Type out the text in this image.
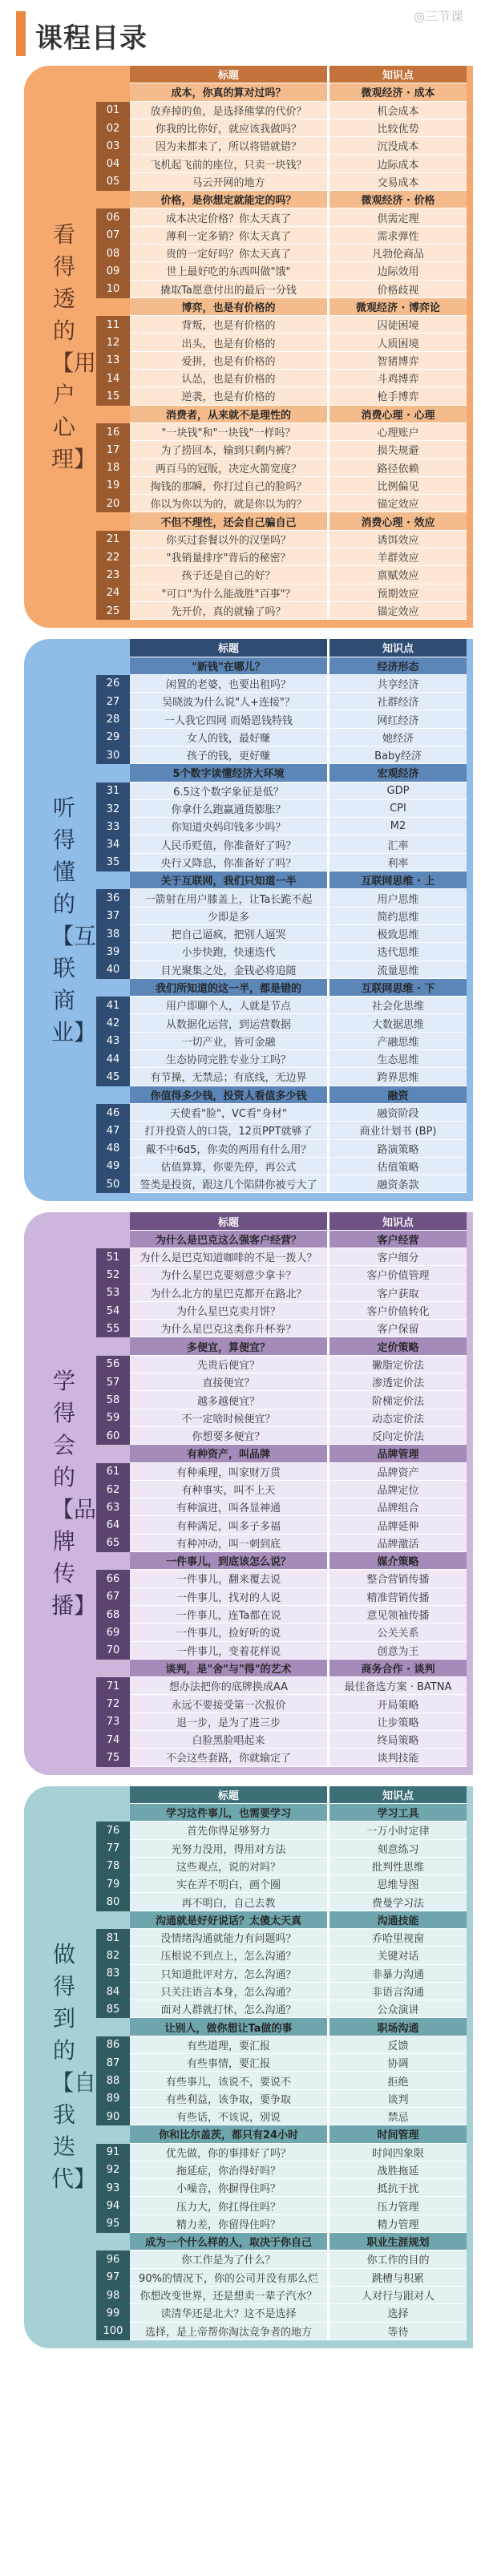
课程目录
◎三节课
看得透的【用户心理】
标题	知识点
成本，你真的算对过吗？	微观经济 · 成本
01	放弃掉的鱼，是选择熊掌的代价？	机会成本
02	你我的比你好，就应该我做吗？	比较优势
03	因为来都来了，所以将错就错？	沉没成本
04	飞机起飞前的座位，只卖一块钱？	边际成本
05	马云开网的地方	交易成本
价格，是你想定就能定的吗？	微观经济 · 价格
06	成本决定价格？你太天真了	供需定理
07	薄利一定多销？你太天真了	需求弹性
08	贵的一定好吗？你太天真了	凡勃伦商品
09	世上最好吃的东西叫做"饿"	边际效用
10	撬取Ta愿意付出的最后一分钱	价格歧视
博弈，也是有价格的	微观经济 · 博弈论
11	背叛，也是有价格的	囚徒困境
12	出头，也是有价格的	人质困境
13	爱拼，也是有价格的	智猪博弈
14	认怂，也是有价格的	斗鸡博弈
15	逆袭，也是有价格的	枪手博弈
消费者，从来就不是理性的	消费心理 · 心理
16	"一块钱"和"一块钱"一样吗？	心理账户
17	为了捞回本，输到只剩内裤？	损失规避
18	两百马的冠版，决定火箭宽度？	路径依赖
19	掏钱的那瞬，你打过自己的脸吗？	比例偏见
20	你以为你以为的，就是你以为的？	锚定效应
不但不理性，还会自己骗自己	消费心理 · 效应
21	你买过套餐以外的汉堡吗？	诱饵效应
22	"我销量排序"背后的秘密？	羊群效应
23	孩子还是自己的好？	禀赋效应
24	"可口"为什么能战胜"百事"？	预期效应
25	先开价，真的就输了吗？	锚定效应
听得懂的【互联商业】
标题	知识点
"新钱"在哪儿？	经济形态
26	闲置的老婆，也要出租吗？	共享经济
27	吴晓波为什么说"人+连接"？	社群经济
28	一人我它四网 而婚恩钱特钱	网红经济
29	女人的钱，最好赚	她经济
30	孩子的钱，更好赚	Baby经济
5个数字读懂经济大环境	宏观经济
31	6.5这个数字象征是低？	GDP
32	你拿什么跑赢通货膨胀？	CPI
33	你知道央妈印钱多少吗？	M2
34	人民币贬值，你准备好了吗？	汇率
35	央行又降息，你准备好了吗？	利率
关于互联网，我们只知道一半	互联网思维 · 上
36	一箭射在用户膝盖上，让Ta长跪不起	用户思维
37	少即是多	简约思维
38	把自己逼疯，把别人逼哭	极致思维
39	小步快跑，快速迭代	迭代思维
40	目光聚集之处，金钱必将追随	流量思维
我们所知道的这一半，都是错的	互联网思维 · 下
41	用户即聊个人，人就是节点	社会化思维
42	从数据化运营，到运营数据	大数据思维
43	一切产业，皆可金融	产融思维
44	生态协同完胜专业分工吗？	生态思维
45	有节操，无禁忌；有底线，无边界	跨界思维
你值得多少钱，投资人看值多少钱	融资
46	天使看"脸"，VC看"身材"	融资阶段
47	打开投资人的口袋，12页PPT就够了	商业计划书 (BP)
48	戴不中6d5，你卖的两用有什么用？	路演策略
49	估值算算，你要先停，再公式	估值策略
50	签类是投资，跟这几个陷阱你被亏大了	融资条款
学得会的【品牌传播】
标题	知识点
为什么是巴克这么强客户经营？	客户经营
51	为什么是巴克知道咖啡的不是一拨人？	客户细分
52	为什么星巴克要刻意少拿卡？	客户价值管理
53	为什么北方的星巴克都开在路北？	客户获取
54	为什么星巴克卖月饼？	客户价值转化
55	为什么星巴克这类你升杯券？	客户保留
多便宜，算便宜？	定价策略
56	先贵后便宜？	撇脂定价法
57	直接便宜？	渗透定价法
58	越多越便宜？	阶梯定价法
59	不一定啥时候便宜？	动态定价法
60	你想要多便宜？	反向定价法
有种资产，叫品牌	品牌管理
61	有种乘理，叫家财万贯	品牌资产
62	有种事实，叫不上天	品牌定位
63	有种演进，叫各显神通	品牌组合
64	有种满足，叫多子多福	品牌延伸
65	有种冲动，叫一刺到底	品牌激活
一件事儿，到底该怎么说？	媒介策略
66	一件事儿，翻来覆去说	整合营销传播
67	一件事儿，找对的人说	精准营销传播
68	一件事儿，连Ta都在说	意见领袖传播
69	一件事儿，捡好听的说	公关关系
70	一件事儿，变着花样说	创意为王
谈判，是"舍"与"得"的艺术	商务合作 · 谈判
71	想办法把你的底牌换成AA	最佳备选方案 · BATNA
72	永远不要接受第一次报价	开局策略
73	退一步，是为了进三步	让步策略
74	白脸黑脸唱起来	终局策略
75	不会这些套路，你就输定了	谈判技能
做得到的【自我迭代】
标题	知识点
学习这件事儿，也需要学习	学习工具
76	首先你得足够努力	一万小时定律
77	光努力没用，得用对方法	刻意练习
78	这些观点，说的对吗？	批判性思维
79	实在弄不明白，画个圈	思维导图
80	再不明白，自己去教	费曼学习法
沟通就是好好说话？太傻太天真	沟通技能
81	没情绪沟通就能力有问题吗？	乔哈里视窗
82	压根说不到点上，怎么沟通？	关键对话
83	只知道批评对方，怎么沟通？	非暴力沟通
84	只关注语言本身，怎么沟通？	非语言沟通
85	面对人群就打怵，怎么沟通？	公众演讲
让别人，做你想让Ta做的事	职场沟通
86	有些道理，要汇报	反馈
87	有些事情，要汇报	协调
88	有些事儿，该说不，要说不	拒绝
89	有些利益，该争取，要争取	谈判
90	有些话，不该说，别说	禁忌
你和比尔盖茨，都只有24小时	时间管理
91	优先做，你的事排好了吗？	时间四象限
92	拖延症，你治得好吗？	战胜拖延
93	小噪音，你摒得住吗？	抵抗干扰
94	压力大，你扛得住吗？	压力管理
95	精力差，你留得住吗？	精力管理
成为一个什么样的人，取决于你自己	职业生涯规划
96	你工作是为了什么？	你工作的目的
97	90%的情况下，你的公司并没有那么烂	跳槽与积累
98	你想改变世界，还是想卖一辈子汽水？	人对行与跟对人
99	读清华还是北大？这不是选择	选择
100	选择，是上帝帮你淘汰竞争者的地方	等待
